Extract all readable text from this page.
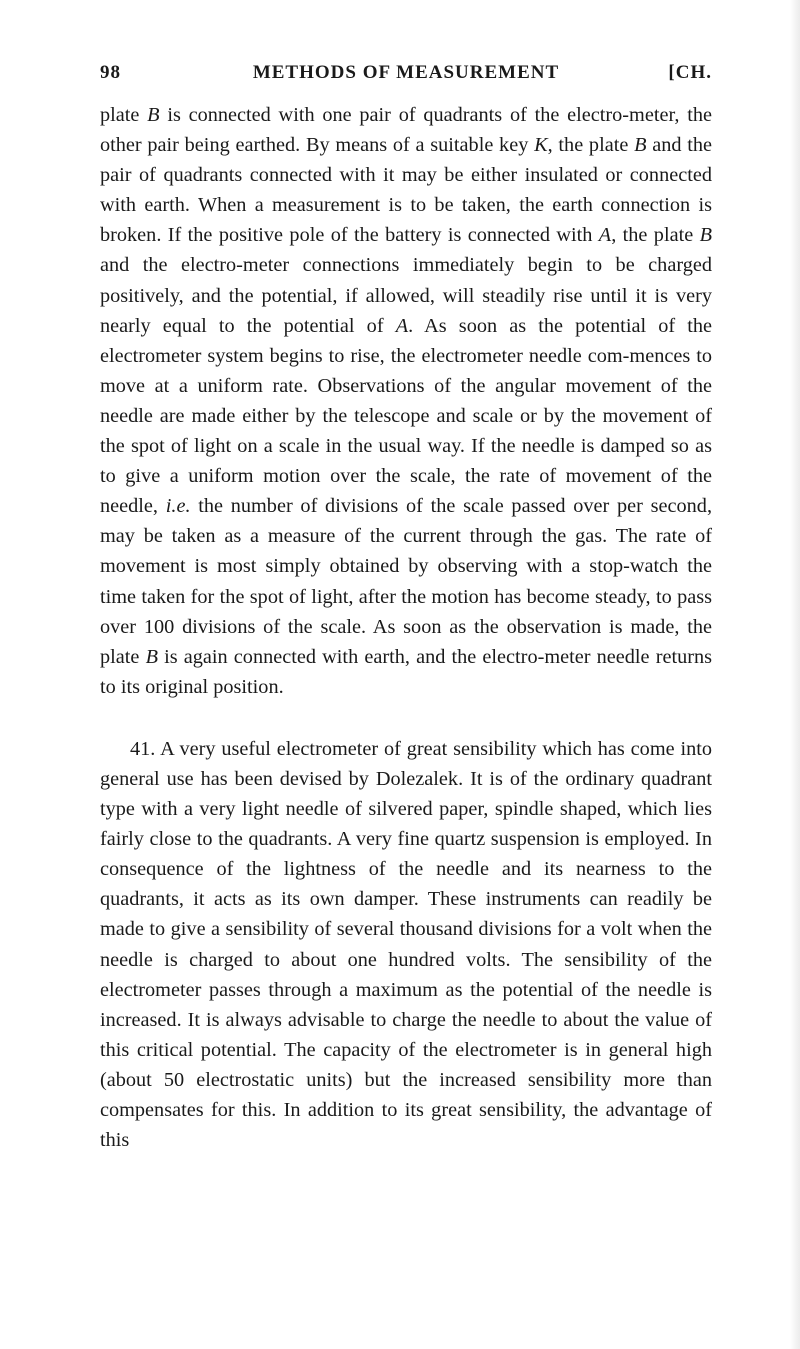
98	METHODS OF MEASUREMENT	[CH.

plate B is connected with one pair of quadrants of the electro-meter, the other pair being earthed. By means of a suitable key K, the plate B and the pair of quadrants connected with it may be either insulated or connected with earth. When a measurement is to be taken, the earth connection is broken. If the positive pole of the battery is connected with A, the plate B and the electro-meter connections immediately begin to be charged positively, and the potential, if allowed, will steadily rise until it is very nearly equal to the potential of A. As soon as the potential of the electrometer system begins to rise, the electrometer needle com-mences to move at a uniform rate. Observations of the angular movement of the needle are made either by the telescope and scale or by the movement of the spot of light on a scale in the usual way. If the needle is damped so as to give a uniform motion over the scale, the rate of movement of the needle, i.e. the number of divisions of the scale passed over per second, may be taken as a measure of the current through the gas. The rate of movement is most simply obtained by observing with a stop-watch the time taken for the spot of light, after the motion has become steady, to pass over 100 divisions of the scale. As soon as the observation is made, the plate B is again connected with earth, and the electro-meter needle returns to its original position.

41. A very useful electrometer of great sensibility which has come into general use has been devised by Dolezalek. It is of the ordinary quadrant type with a very light needle of silvered paper, spindle shaped, which lies fairly close to the quadrants. A very fine quartz suspension is employed. In consequence of the lightness of the needle and its nearness to the quadrants, it acts as its own damper. These instruments can readily be made to give a sensibility of several thousand divisions for a volt when the needle is charged to about one hundred volts. The sensibility of the electrometer passes through a maximum as the potential of the needle is increased. It is always advisable to charge the needle to about the value of this critical potential. The capacity of the electrometer is in general high (about 50 electrostatic units) but the increased sensibility more than compensates for this. In addition to its great sensibility, the advantage of this
